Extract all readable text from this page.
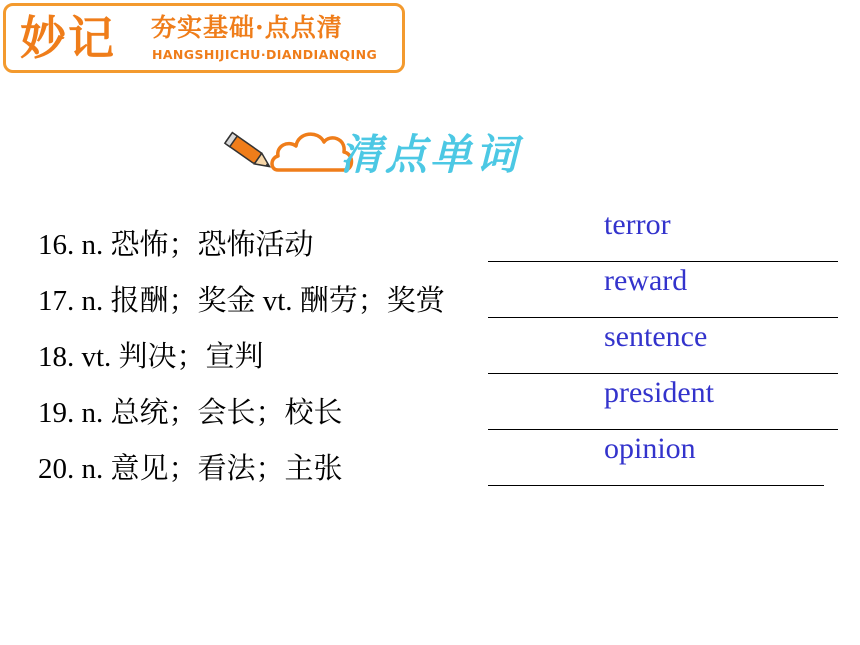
妙记 夯实基础·点点清
HANGSHIJICHU·DIANDIANQING
清点单词
16. n. 恐怖；恐怖活动
terror
17. n. 报酬；奖金 vt. 酬劳；奖赏
reward
18. vt. 判决；宣判
sentence
19. n. 总统；会长；校长
president
20. n. 意见；看法；主张
opinion
